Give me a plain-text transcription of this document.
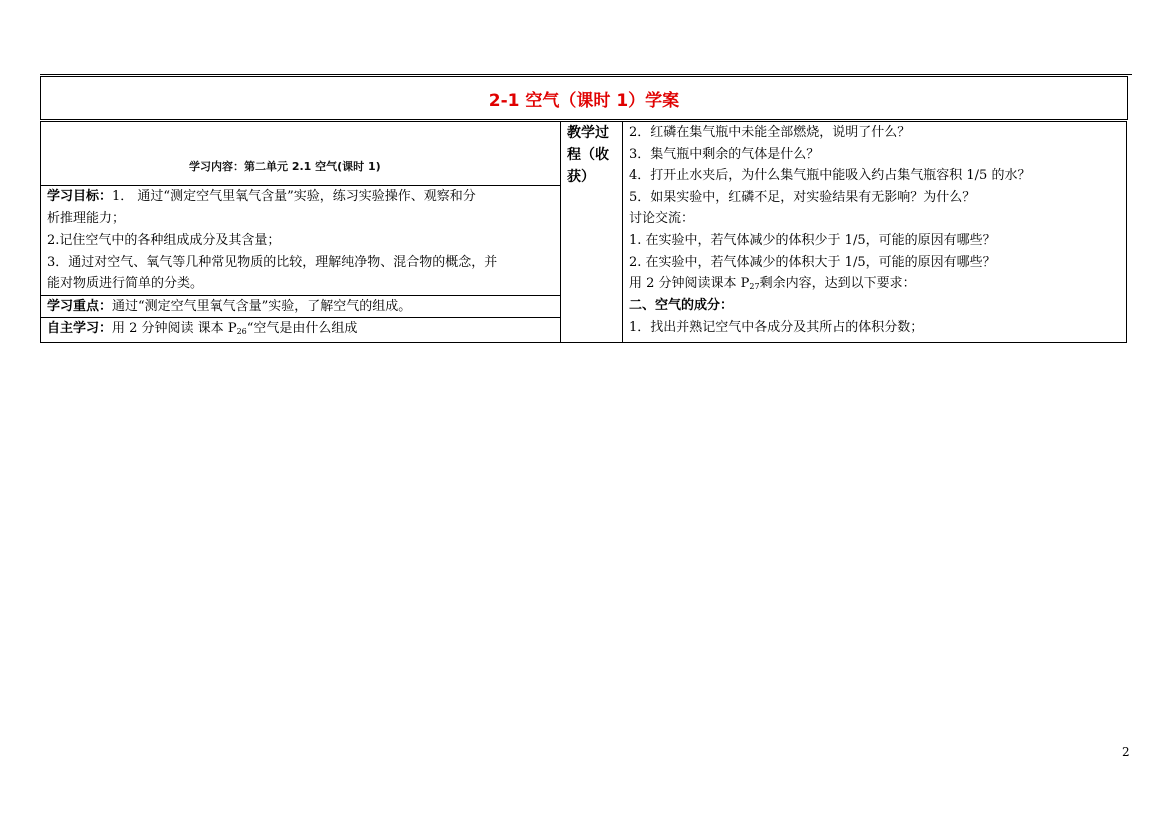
2-1 空气（课时 1）学案
学习内容：第二单元 2.1 空气(课时 1)
学习目标：1． 通过“测定空气里氧气含量”实验，练习实验操作、观察和分
析推理能力；
2.记住空气中的各种组成成分及其含量；
3．通过对空气、氧气等几种常见物质的比较，理解纯净物、混合物的概念，并
能对物质进行简单的分类。
学习重点：通过“测定空气里氧气含量”实验，了解空气的组成。
自主学习：用 2 分钟阅读 课本 $P_{26}“$空气是由什么组成
教学过
程（收
获）
2．红磷在集气瓶中未能全部燃烧，说明了什么？
3．集气瓶中剩余的气体是什么？
4．打开止水夹后，为什么集气瓶中能吸入约占集气瓶容积 1/5 的水？
5．如果实验中，红磷不足，对实验结果有无影响？为什么？
讨论交流：
1. 在实验中，若气体减少的体积少于 1/5，可能的原因有哪些？
2. 在实验中，若气体减少的体积大于 1/5，可能的原因有哪些？
用 2 分钟阅读课本 $P_{27}$剩余内容，达到以下要求：
二、空气的成分：
1．找出并熟记空气中各成分及其所占的体积分数；
2
